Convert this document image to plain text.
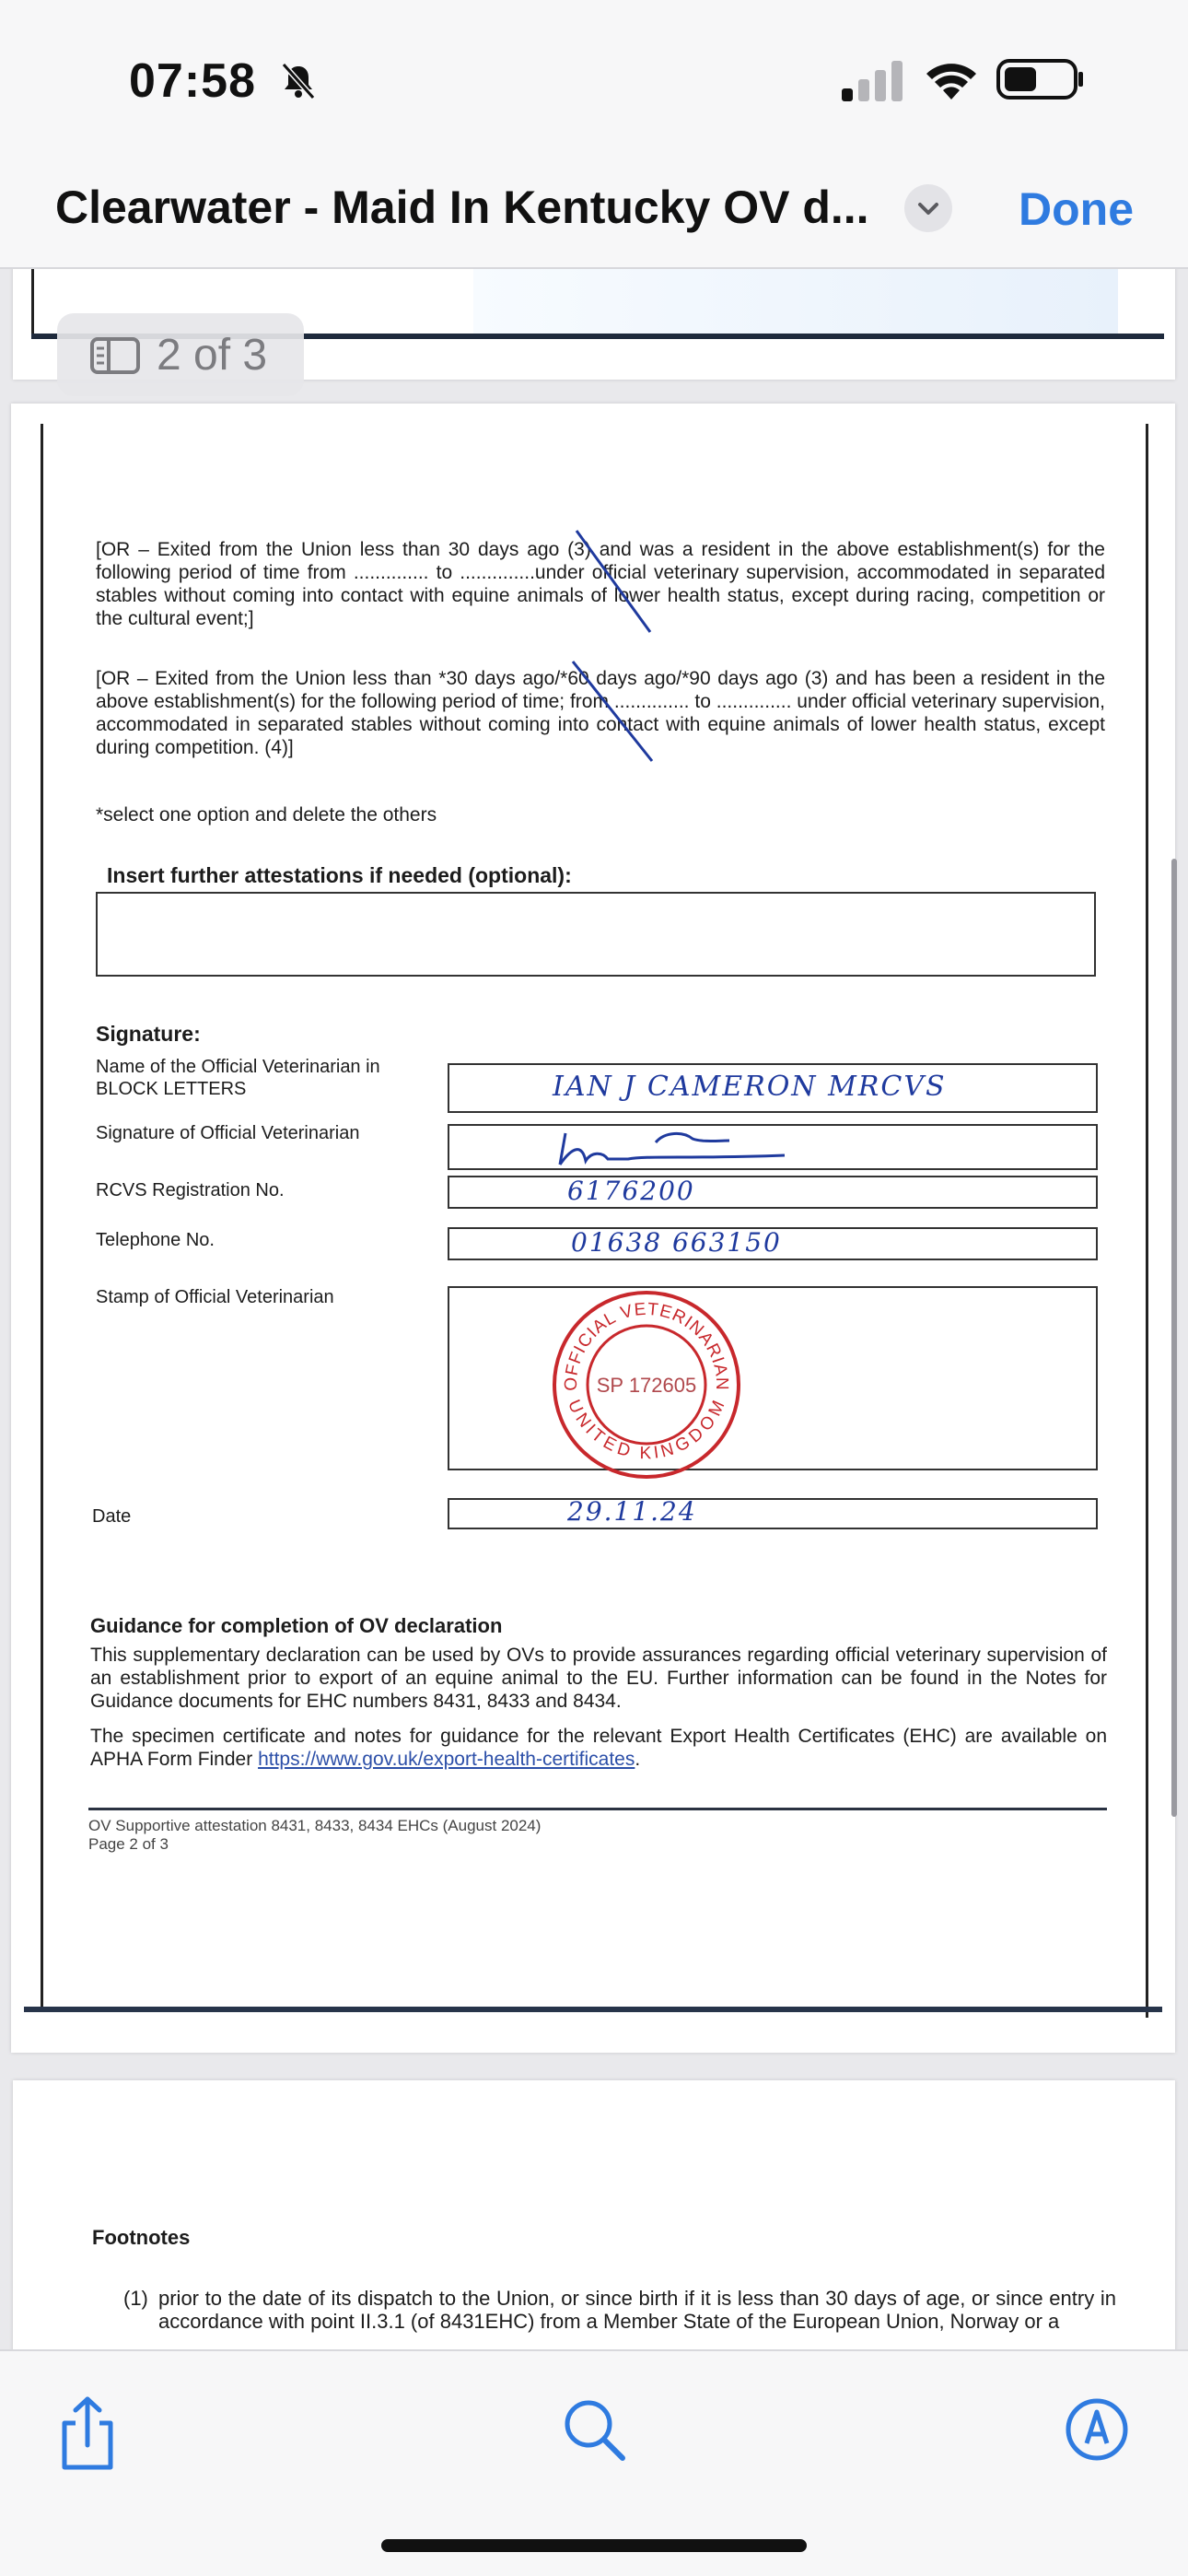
07:58
Clearwater - Maid In Kentucky OV d...	Done
2 of 3
[OR – Exited from the Union less than 30 days ago (3) and was a resident in the above establishment(s) for the following period of time from .............. to ..............under official veterinary supervision, accommodated in separated stables without coming into contact with equine animals of lower health status, except during racing, competition or the cultural event;]
[OR – Exited from the Union less than *30 days ago/*60 days ago/*90 days ago (3) and has been a resident in the above establishment(s) for the following period of time; from .............. to .............. under official veterinary supervision, accommodated in separated stables without coming into contact with equine animals of lower health status, except during competition. (4)]
*select one option and delete the others
Insert further attestations if needed (optional):
Signature:
Name of the Official Veterinarian in BLOCK LETTERS	IAN J CAMERON MRCVS
Signature of Official Veterinarian
RCVS Registration No.	6176200
Telephone No.	01638 663150
Stamp of Official Veterinarian
OFFICIAL VETERINARIAN
UNITED KINGDOM
SP 172605
Date	29.11.24
Guidance for completion of OV declaration
This supplementary declaration can be used by OVs to provide assurances regarding official veterinary supervision of an establishment prior to export of an equine animal to the EU. Further information can be found in the Notes for Guidance documents for EHC numbers 8431, 8433 and 8434.
The specimen certificate and notes for guidance for the relevant Export Health Certificates (EHC) are available on APHA Form Finder https://www.gov.uk/export-health-certificates.
OV Supportive attestation 8431, 8433, 8434 EHCs (August 2024)
Page 2 of 3
Footnotes
(1) prior to the date of its dispatch to the Union, or since birth if it is less than 30 days of age, or since entry in accordance with point II.3.1 (of 8431EHC) from a Member State of the European Union, Norway or a
